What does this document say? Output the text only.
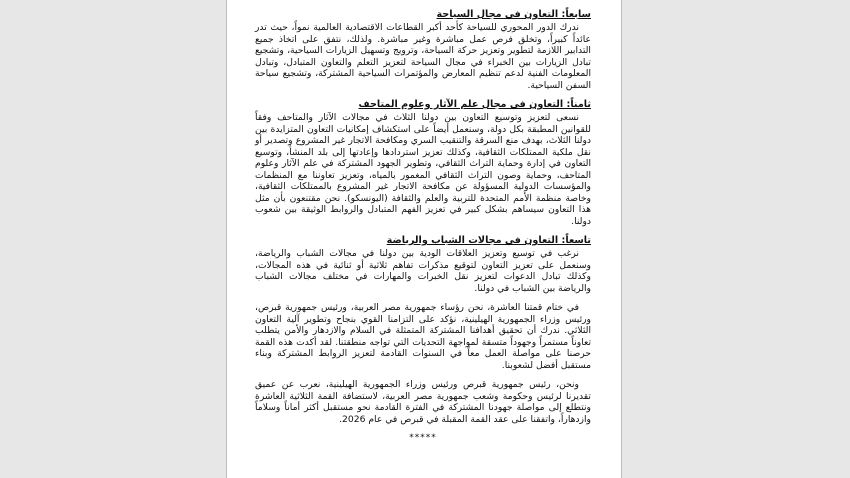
سابعاً: التعاون في مجال السياحة

ندرك الدور المحوري للسياحة كأحد أكبر القطاعات الاقتصادية العالمية نمواً، حيث تدر عائداً كبيراً، وتخلق فرص عمل مباشرة وغير مباشرة. ولذلك، نتفق على اتخاذ جميع التدابير اللازمة لتطوير وتعزيز حركة السياحة، وترويج وتسهيل الزيارات السياحية، وتشجيع تبادل الزيارات بين الخبراء في مجال السياحة لتعزيز التعلم والتعاون المتبادل، وتبادل المعلومات الفنية لدعم تنظيم المعارض والمؤتمرات السياحية المشتركة، وتشجيع سياحة السفن السياحية.

ثامناً: التعاون في مجال علم الآثار وعلوم المتاحف

نسعى لتعزيز وتوسيع التعاون بين دولنا الثلاث في مجالات الآثار والمتاحف وفقاً للقوانين المطبقة بكل دولة، وسنعمل أيضاً على استكشاف إمكانيات التعاون المتزايدة بين دولنا الثلاث، بهدف منع السرقة والتنقيب السري ومكافحة الاتجار غير المشروع وتصدير أو نقل ملكية الممتلكات الثقافية، وكذلك تعزيز استردادها وإعادتها إلى بلد المنشأ، وتوسيع التعاون في إدارة وحماية التراث الثقافي، وتطوير الجهود المشتركة في علم الآثار وعلوم المتاحف، وحماية وصون التراث الثقافي المغمور بالمياه، وتعزيز تعاوننا مع المنظمات والمؤسسات الدولية المسؤولة عن مكافحة الاتجار غير المشروع بالممتلكات الثقافية، وخاصة منظمة الأمم المتحدة للتربية والعلم والثقافة (اليونسكو). نحن مقتنعون بأن مثل هذا التعاون سيساهم بشكل كبير في تعزيز الفهم المتبادل والروابط الوثيقة بين شعوب دولنا.

تاسعاً: التعاون في مجالات الشباب والرياضة

نرغب في توسيع وتعزيز العلاقات الودية بين دولنا في مجالات الشباب والرياضة، وسنعمل على تعزيز التعاون لتوقيع مذكرات تفاهم ثلاثية أو ثنائية في هذه المجالات، وكذلك تبادل الدعوات لتعزيز نقل الخبرات والمهارات في مختلف مجالات الشباب والرياضة بين الشباب في دولنا.

في ختام قمتنا العاشرة، نحن رؤساء جمهورية مصر العربية، ورئيس جمهورية قبرص، ورئيس وزراء الجمهورية الهيلينية، نؤكد على التزامنا القوي بنجاح وتطوير آلية التعاون الثلاثي. ندرك أن تحقيق أهدافنا المشتركة المتمثلة في السلام والازدهار والأمن يتطلب تعاوناً مستمراً وجهوداً متسقة لمواجهة التحديات التي تواجه منطقتنا. لقد أكدت هذه القمة حرصنا على مواصلة العمل معاً في السنوات القادمة لتعزيز الروابط المشتركة وبناء مستقبل أفضل لشعوبنا.

ونحن، رئيس جمهورية قبرص ورئيس وزراء الجمهورية الهيلينية، نعرب عن عميق تقديرنا لرئيس وحكومة وشعب جمهورية مصر العربية، لاستضافة القمة الثلاثية العاشرة ونتطلع إلى مواصلة جهودنا المشتركة في الفترة القادمة نحو مستقبل أكثر أماناً وسلاماً وازدهاراً، واتفقنا على عقد القمة المقبلة في قبرص في عام 2026.

*****
